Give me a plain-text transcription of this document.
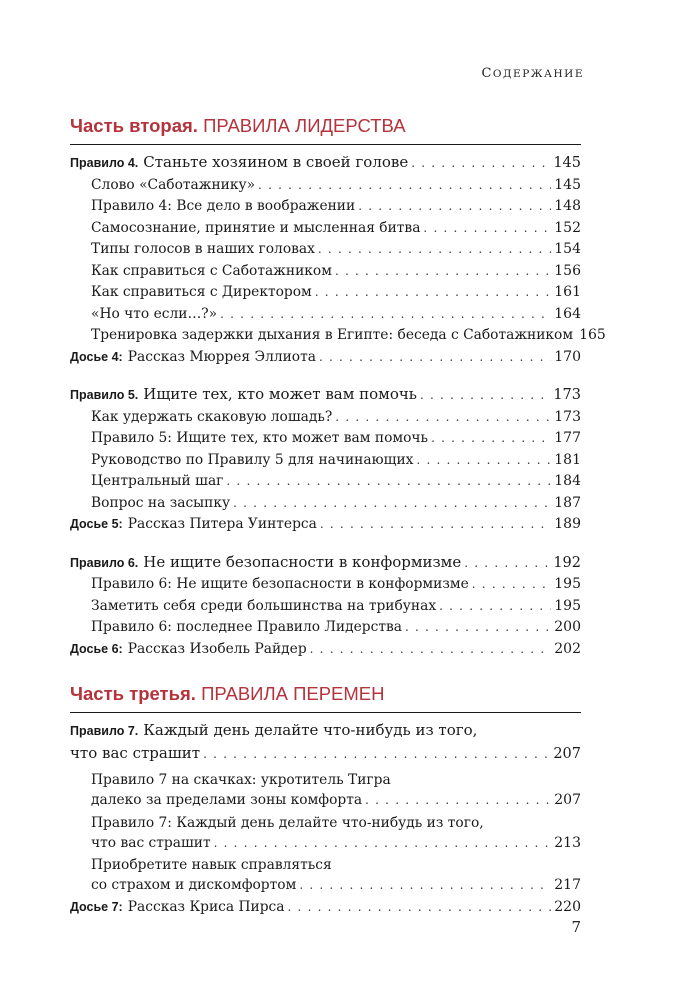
СОДЕРЖАНИЕ
Часть вторая. ПРАВИЛА ЛИДЕРСТВА
Правило 4. Станьте хозяином в своей голове . . .	145
Слово «Саботажнику» . . .	145
Правило 4: Все дело в воображении . . .	148
Самосознание, принятие и мысленная битва . . .	152
Типы голосов в наших головах . . .	154
Как справиться с Саботажником . . .	156
Как справиться с Директором . . .	161
«Но что если…?» . . .	164
Тренировка задержки дыхания в Египте: беседа с Саботажником 165
Досье 4: Рассказ Мюррея Эллиота . . .	170
Правило 5. Ищите тех, кто может вам помочь . . .	173
Как удержать скаковую лошадь? . . .	173
Правило 5: Ищите тех, кто может вам помочь . . .	177
Руководство по Правилу 5 для начинающих . . .	181
Центральный шаг . . .	184
Вопрос на засыпку . . .	187
Досье 5: Рассказ Питера Уинтерса . . .	189
Правило 6. Не ищите безопасности в конформизме . . .	192
Правило 6: Не ищите безопасности в конформизме . . .	195
Заметить себя среди большинства на трибунах . . .	195
Правило 6: последнее Правило Лидерства . . .	200
Досье 6: Рассказ Изобель Райдер . . .	202
Часть третья. ПРАВИЛА ПЕРЕМЕН
Правило 7. Каждый день делайте что-нибудь из того,
что вас страшит . . .	207
Правило 7 на скачках: укротитель Тигра
далеко за пределами зоны комфорта . . .	207
Правило 7: Каждый день делайте что-нибудь из того,
что вас страшит . . .	213
Приобретите навык справляться
со страхом и дискомфортом . . .	217
Досье 7: Рассказ Криса Пирса . . .	220
7
